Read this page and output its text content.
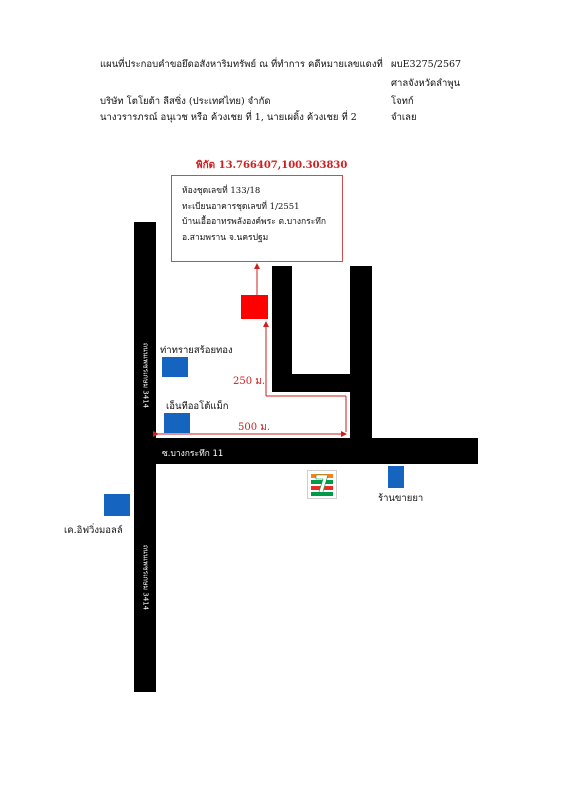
แผนที่ประกอบคำขอยึดอสังหาริมทรัพย์ ณ ที่ทำการ คดีหมายเลขแดงที่ ผบE3275/2567
ศาลจังหวัดลำพูน
บริษัท โตโยต้า ลีสซิ่ง (ประเทศไทย) จำกัด	โจทก์
นางวรารภรณ์ อนุเวช หรือ ค้วงเชย ที่ 1, นายเผดิ้ง ค้วงเชย ที่ 2	จำเลย
พิกัด 13.766407,100.303830
ห้องชุดเลขที่ 133/18
ทะเบียนอาคารชุดเลขที่ 1/2551
บ้านเอื้ออาทรพลังองค์พระ ต.บางกระทึก
อ.สามพราน จ.นครปฐม
ถนนเพชรเกษม 3414
ถนนเพชรเกษม 3414
ซ.บางกระทึก 11
250 ม.
500 ม.
ท่าทรายสร้อยทอง
เอ็นทีออโต้แม็ก
เค.อิฟวิ่งมอลล์
ร้านขายยา
